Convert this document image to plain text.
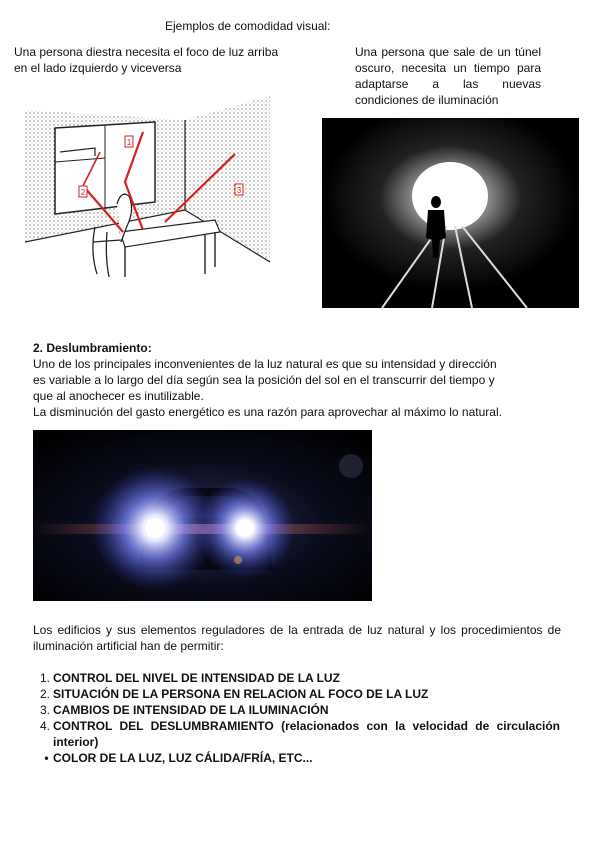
Ejemplos de comodidad visual:
Una persona diestra necesita el foco de luz arriba en el lado izquierdo y viceversa
Una persona que sale de un túnel oscuro, necesita un tiempo para adaptarse a las nuevas condiciones de iluminación
1
2	3
2. Deslumbramiento:
Uno de los principales inconvenientes de la luz natural es que su intensidad y dirección
es variable a lo largo del día según sea la posición del sol en el transcurrir del tiempo y
que al anochecer es inutilizable.
La disminución del gasto energético es una razón para aprovechar al máximo lo natural.
Los edificios y sus elementos reguladores de la entrada de luz natural y los procedimientos de iluminación artificial han de permitir:
1. CONTROL DEL NIVEL DE INTENSIDAD DE LA LUZ
2. SITUACIÓN DE LA PERSONA EN RELACION AL FOCO DE LA LUZ
3. CAMBIOS DE INTENSIDAD DE LA ILUMINACIÓN
4. CONTROL DEL DESLUMBRAMIENTO (relacionados con la velocidad de circulación interior)
• COLOR DE LA LUZ, LUZ CÁLIDA/FRÍA, ETC...
